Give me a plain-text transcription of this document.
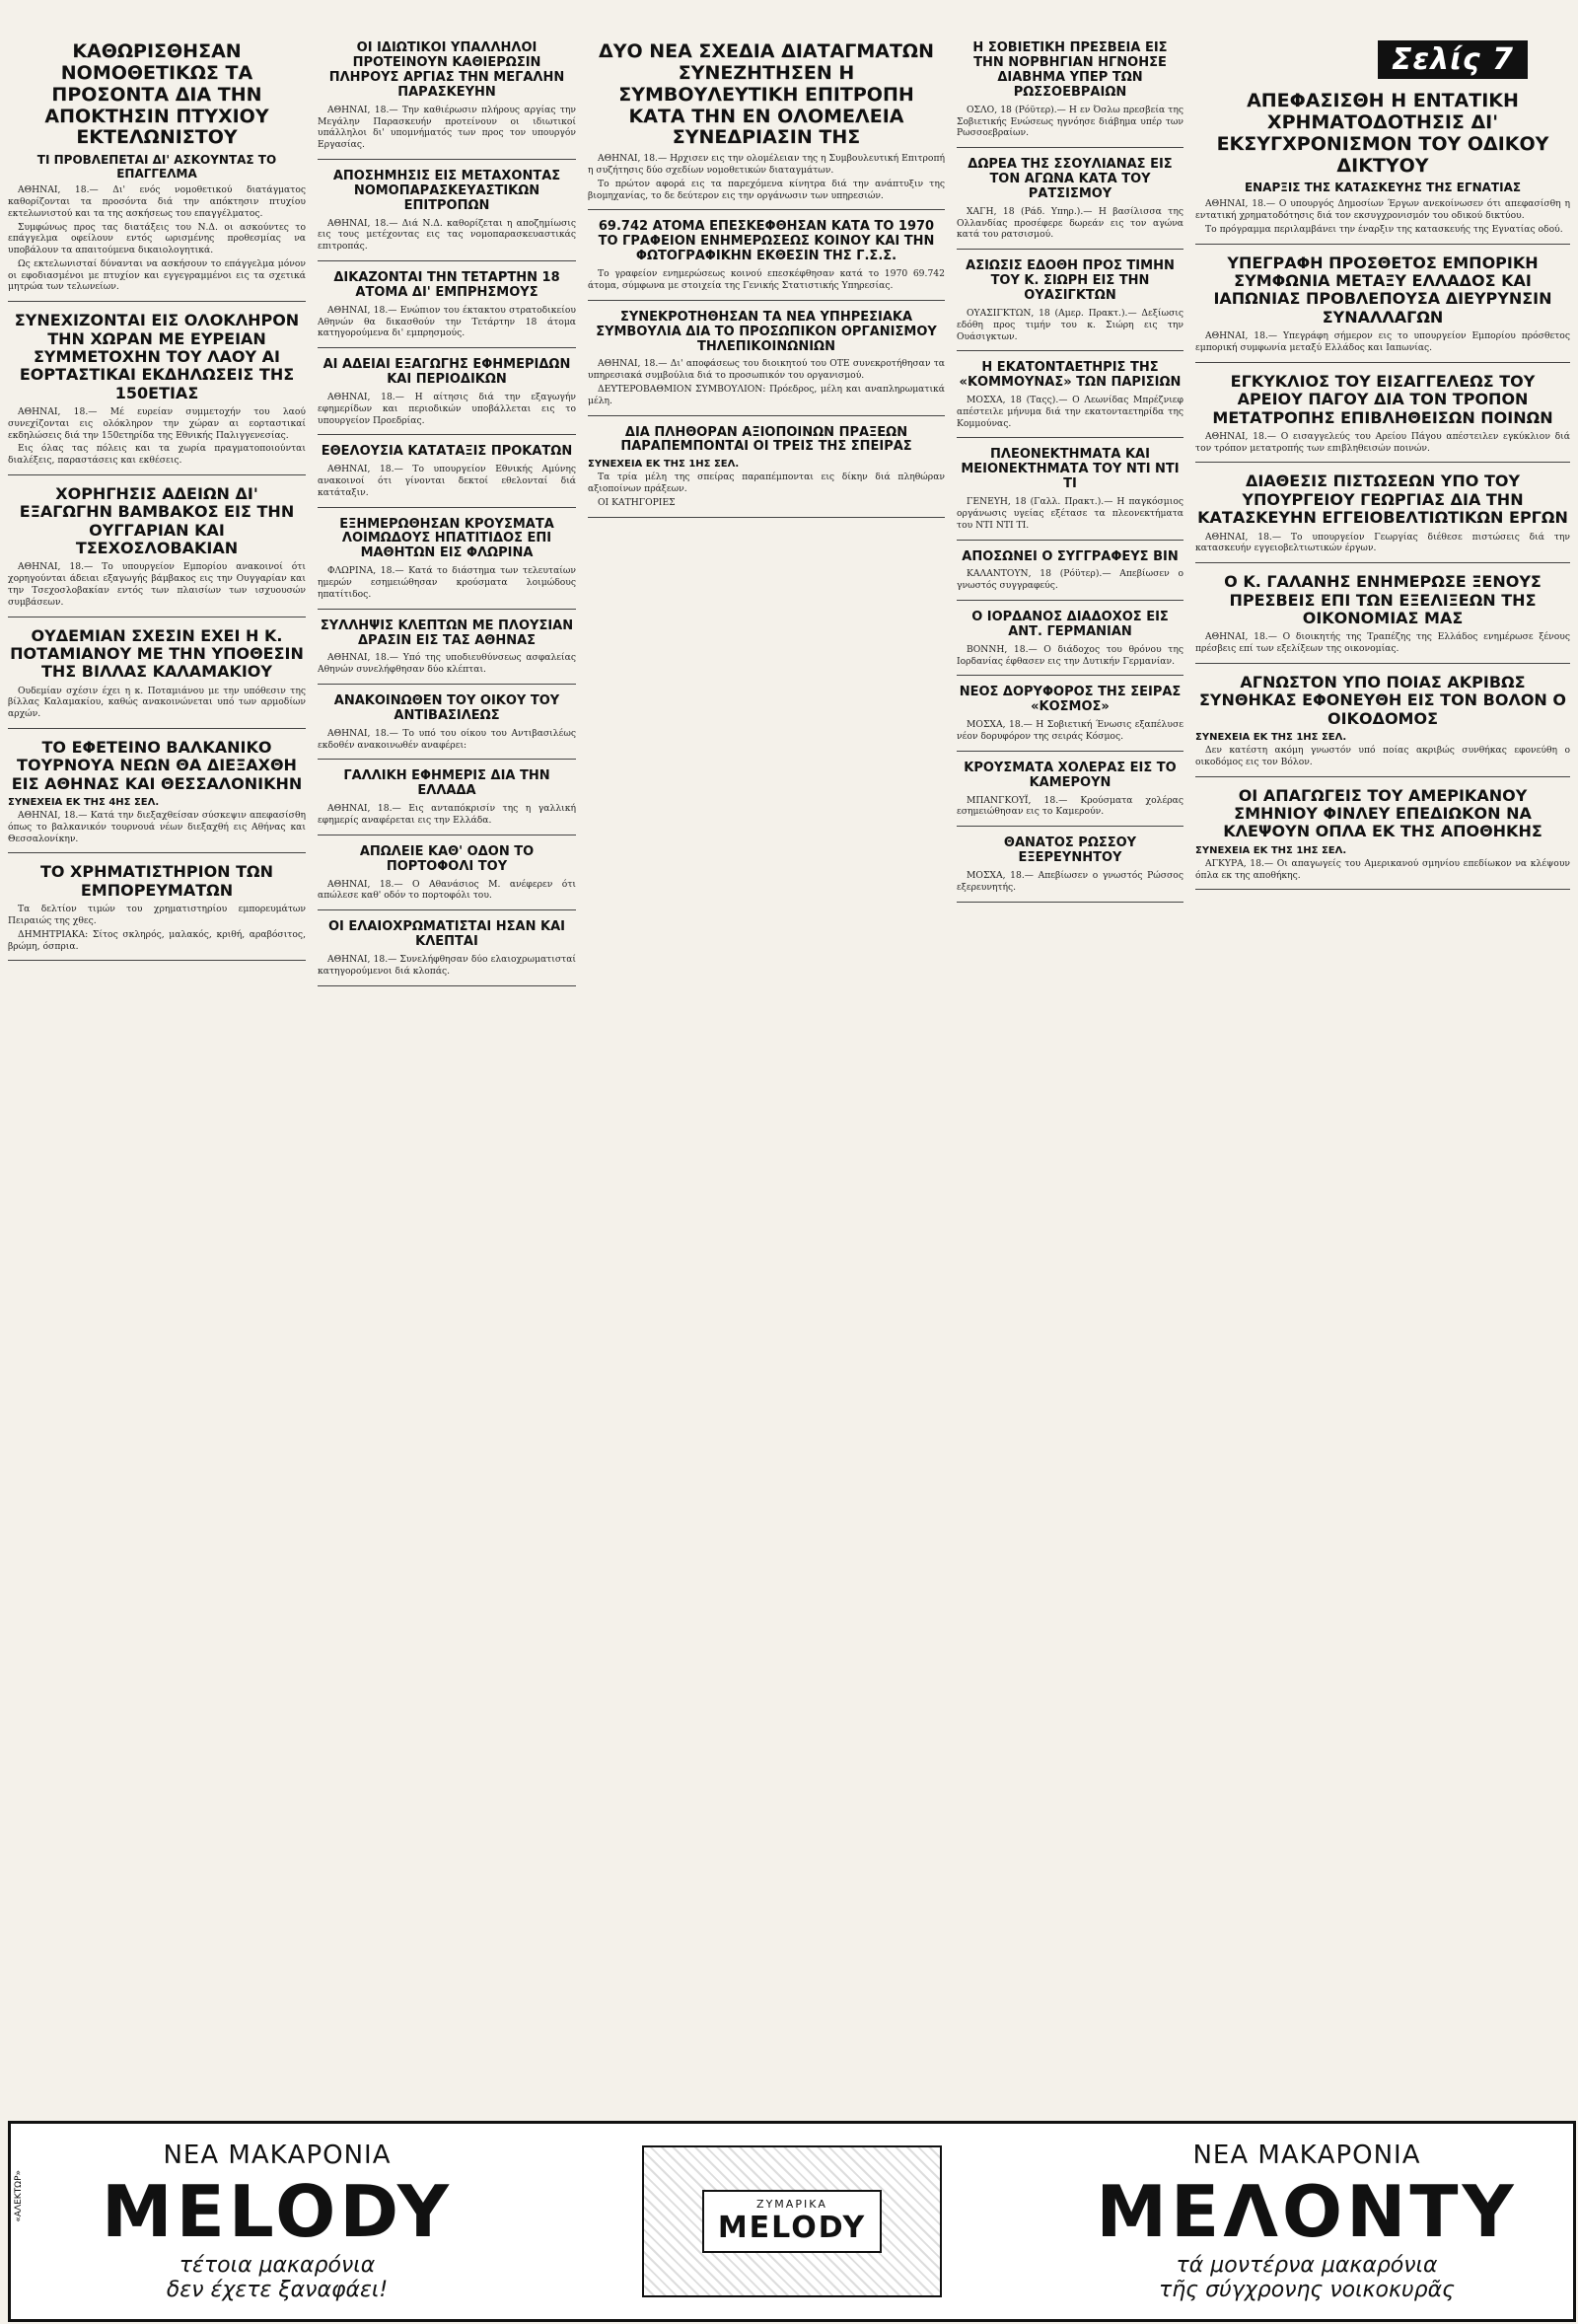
Σελίς 7
ΚΑΘΩΡΙΣΘΗΣΑΝ ΝΟΜΟΘΕΤΙΚΩΣ ΤΑ ΠΡΟΣΟΝΤΑ ΔΙΑ ΤΗΝ ΑΠΟΚΤΗΣΙΝ ΠΤΥΧΙΟΥ ΕΚΤΕΛΩΝΙΣΤΟΥ
ΤΙ ΠΡΟΒΛΕΠΕΤΑΙ ΔΙ' ΑΣΚΟΥΝΤΑΣ ΤΟ ΕΠΑΓΓΕΛΜΑ

ΑΘΗΝΑΙ, 18.— Δι' ενός νομοθετικού διατάγματος καθορίζονται τα προσόντα διά την απόκτησιν πτυχίου εκτελωνιστού και τα της ασκήσεως του επαγγέλματος.

Συμφώνως προς τας διατάξεις του Ν.Δ. οι ασκούντες το επάγγελμα οφείλουν εντός ωρισμένης προθεσμίας να υποβάλουν τα απαιτούμενα δικαιολογητικά.

Ως εκτελωνισταί δύνανται να ασκήσουν το επάγγελμα μόνον οι εφοδιασμένοι με πτυχίον και εγγεγραμμένοι εις τα σχετικά μητρώα των τελωνείων.

ΣΥΝΕΧΙΖΟΝΤΑΙ ΕΙΣ ΟΛΟΚΛΗΡΟΝ ΤΗΝ ΧΩΡΑΝ ΜΕ ΕΥΡΕΙΑΝ ΣΥΜΜΕΤΟΧΗΝ ΤΟΥ ΛΑΟΥ ΑΙ ΕΟΡΤΑΣΤΙΚΑΙ ΕΚΔΗΛΩΣΕΙΣ ΤΗΣ 150ΕΤΙΑΣ

ΑΘΗΝΑΙ, 18.— Μέ ευρείαν συμμετοχήν του λαού συνεχίζονται εις ολόκληρον την χώραν αι εορταστικαί εκδηλώσεις διά την 150ετηρίδα της Εθνικής Παλιγγενεσίας.

Εις όλας τας πόλεις και τα χωρία πραγματοποιούνται διαλέξεις, παραστάσεις και εκθέσεις.

ΧΟΡΗΓΗΣΙΣ ΑΔΕΙΩΝ ΔΙ' ΕΞΑΓΩΓΗΝ ΒΑΜΒΑΚΟΣ ΕΙΣ ΤΗΝ ΟΥΓΓΑΡΙΑΝ ΚΑΙ ΤΣΕΧΟΣΛΟΒΑΚΙΑΝ

ΑΘΗΝΑΙ, 18.— Το υπουργείον Εμπορίου ανακοινοί ότι χορηγούνται άδειαι εξαγωγής βάμβακος εις την Ουγγαρίαν και την Τσεχοσλοβακίαν εντός των πλαισίων των ισχυουσών συμβάσεων.

ΟΥΔΕΜΙΑΝ ΣΧΕΣΙΝ ΕΧΕΙ Η Κ. ΠΟΤΑΜΙΑΝΟΥ ΜΕ ΤΗΝ ΥΠΟΘΕΣΙΝ ΤΗΣ ΒΙΛΛΑΣ ΚΑΛΑΜΑΚΙΟΥ

Ουδεμίαν σχέσιν έχει η κ. Ποταμιάνου με την υπόθεσιν της βίλλας Καλαμακίου, καθώς ανακοινώνεται υπό των αρμοδίων αρχών.

ΤΟ ΕΦΕΤΕΙΝΟ ΒΑΛΚΑΝΙΚΟ ΤΟΥΡΝΟΥΑ ΝΕΩΝ ΘΑ ΔΙΕΞΑΧΘΗ ΕΙΣ ΑΘΗΝΑΣ ΚΑΙ ΘΕΣΣΑΛΟΝΙΚΗΝ
ΣΥΝΕΧΕΙΑ ΕΚ ΤΗΣ 4ΗΣ ΣΕΛ.

ΑΘΗΝΑΙ, 18.— Κατά την διεξαχθείσαν σύσκεψιν απεφασίσθη όπως το βαλκανικόν τουρνουά νέων διεξαχθή εις Αθήνας και Θεσσαλονίκην.

ΤΟ ΧΡΗΜΑΤΙΣΤΗΡΙΟΝ ΤΩΝ ΕΜΠΟΡΕΥΜΑΤΩΝ

Τα δελτίον τιμών του χρηματιστηρίου εμπορευμάτων Πειραιώς της χθες.

ΔΗΜΗΤΡΙΑΚΑ: Σίτος σκληρός, μαλακός, κριθή, αραβόσιτος, βρώμη, όσπρια.

ΟΙ ΙΔΙΩΤΙΚΟΙ ΥΠΑΛΛΗΛΟΙ ΠΡΟΤΕΙΝΟΥΝ ΚΑΘΙΕΡΩΣΙΝ ΠΛΗΡΟΥΣ ΑΡΓΙΑΣ ΤΗΝ ΜΕΓΑΛΗΝ ΠΑΡΑΣΚΕΥΗΝ

ΑΘΗΝΑΙ, 18.— Την καθιέρωσιν πλήρους αργίας την Μεγάλην Παρασκευήν προτείνουν οι ιδιωτικοί υπάλληλοι δι' υπομνήματός των προς τον υπουργόν Εργασίας.

ΑΠΟΣΗΜΗΣΙΣ ΕΙΣ ΜΕΤΑΧΟΝΤΑΣ ΝΟΜΟΠΑΡΑΣΚΕΥΑΣΤΙΚΩΝ ΕΠΙΤΡΟΠΩΝ

ΑΘΗΝΑΙ, 18.— Διά Ν.Δ. καθορίζεται η αποζημίωσις εις τους μετέχοντας εις τας νομοπαρασκευαστικάς επιτροπάς.

ΔΙΚΑΖΟΝΤΑΙ ΤΗΝ ΤΕΤΑΡΤΗΝ 18 ΑΤΟΜΑ ΔΙ' ΕΜΠΡΗΣΜΟΥΣ

ΑΘΗΝΑΙ, 18.— Ενώπιον του έκτακτου στρατοδικείου Αθηνών θα δικασθούν την Τετάρτην 18 άτομα κατηγορούμενα δι' εμπρησμούς.

ΑΙ ΑΔΕΙΑΙ ΕΞΑΓΩΓΗΣ ΕΦΗΜΕΡΙΔΩΝ ΚΑΙ ΠΕΡΙΟΔΙΚΩΝ

ΑΘΗΝΑΙ, 18.— Η αίτησις διά την εξαγωγήν εφημερίδων και περιοδικών υποβάλλεται εις το υπουργείον Προεδρίας.

ΕΘΕΛΟΥΣΙΑ ΚΑΤΑΤΑΞΙΣ ΠΡΟΚΑΤΩΝ

ΑΘΗΝΑΙ, 18.— Το υπουργείον Εθνικής Αμύνης ανακοινοί ότι γίνονται δεκτοί εθελονταί διά κατάταξιν.

ΕΞΗΜΕΡΩΘΗΣΑΝ ΚΡΟΥΣΜΑΤΑ ΛΟΙΜΩΔΟΥΣ ΗΠΑΤΙΤΙΔΟΣ ΕΠΙ ΜΑΘΗΤΩΝ ΕΙΣ ΦΛΩΡΙΝΑ

ΦΛΩΡΙΝΑ, 18.— Κατά το διάστημα των τελευταίων ημερών εσημειώθησαν κρούσματα λοιμώδους ηπατίτιδος.

ΣΥΛΛΗΨΙΣ ΚΛΕΠΤΩΝ ΜΕ ΠΛΟΥΣΙΑΝ ΔΡΑΣΙΝ ΕΙΣ ΤΑΣ ΑΘΗΝΑΣ

ΑΘΗΝΑΙ, 18.— Υπό της υποδιευθύνσεως ασφαλείας Αθηνών συνελήφθησαν δύο κλέπται.

ΑΝΑΚΟΙΝΩΘΕΝ ΤΟΥ ΟΙΚΟΥ ΤΟΥ ΑΝΤΙΒΑΣΙΛΕΩΣ

ΑΘΗΝΑΙ, 18.— Το υπό του οίκου του Αντιβασιλέως εκδοθέν ανακοινωθέν αναφέρει:

ΓΑΛΛΙΚΗ ΕΦΗΜΕΡΙΣ ΔΙΑ ΤΗΝ ΕΛΛΑΔΑ

ΑΘΗΝΑΙ, 18.— Εις ανταπόκρισίν της η γαλλική εφημερίς αναφέρεται εις την Ελλάδα.

ΑΠΩΛΕΙΕ ΚΑΘ' ΟΔΟΝ ΤΟ ΠΟΡΤΟΦΟΛΙ ΤΟΥ

ΑΘΗΝΑΙ, 18.— Ο Αθανάσιος Μ. ανέφερεν ότι απώλεσε καθ' οδόν το πορτοφόλι του.

ΟΙ ΕΛΑΙΟΧΡΩΜΑΤΙΣΤΑΙ ΗΣΑΝ ΚΑΙ ΚΛΕΠΤΑΙ

ΑΘΗΝΑΙ, 18.— Συνελήφθησαν δύο ελαιοχρωματισταί κατηγορούμενοι διά κλοπάς.

ΔΥΟ ΝΕΑ ΣΧΕΔΙΑ ΔΙΑΤΑΓΜΑΤΩΝ ΣΥΝΕΖΗΤΗΣΕΝ Η ΣΥΜΒΟΥΛΕΥΤΙΚΗ ΕΠΙΤΡΟΠΗ ΚΑΤΑ ΤΗΝ ΕΝ ΟΛΟΜΕΛΕΙΑ ΣΥΝΕΔΡΙΑΣΙΝ ΤΗΣ

ΑΘΗΝΑΙ, 18.— Ηρχισεν εις την ολομέλειαν της η Συμβουλευτική Επιτροπή η συζήτησις δύο σχεδίων νομοθετικών διαταγμάτων.

Το πρώτον αφορά εις τα παρεχόμενα κίνητρα διά την ανάπτυξιν της βιομηχανίας, το δε δεύτερον εις την οργάνωσιν των υπηρεσιών.

69.742 ΑΤΟΜΑ ΕΠΕΣΚΕΦΘΗΣΑΝ ΚΑΤΑ ΤΟ 1970 ΤΟ ΓΡΑΦΕΙΟΝ ΕΝΗΜΕΡΩΣΕΩΣ ΚΟΙΝΟΥ ΚΑΙ ΤΗΝ ΦΩΤΟΓΡΑΦΙΚΗΝ ΕΚΘΕΣΙΝ ΤΗΣ Γ.Σ.Σ.

Το γραφείον ενημερώσεως κοινού επεσκέφθησαν κατά το 1970 69.742 άτομα, σύμφωνα με στοιχεία της Γενικής Στατιστικής Υπηρεσίας.

ΣΥΝΕΚΡΟΤΗΘΗΣΑΝ ΤΑ ΝΕΑ ΥΠΗΡΕΣΙΑΚΑ ΣΥΜΒΟΥΛΙΑ ΔΙΑ ΤΟ ΠΡΟΣΩΠΙΚΟΝ ΟΡΓΑΝΙΣΜΟΥ ΤΗΛΕΠΙΚΟΙΝΩΝΙΩΝ

ΑΘΗΝΑΙ, 18.— Δι' αποφάσεως του διοικητού του ΟΤΕ συνεκροτήθησαν τα υπηρεσιακά συμβούλια διά το προσωπικόν του οργανισμού.

ΔΕΥΤΕΡΟΒΑΘΜΙΟΝ ΣΥΜΒΟΥΛΙΟΝ: Πρόεδρος, μέλη και αναπληρωματικά μέλη.

ΔΙΑ ΠΛΗΘΟΡΑΝ ΑΞΙΟΠΟΙΝΩΝ ΠΡΑΞΕΩΝ ΠΑΡΑΠΕΜΠΟΝΤΑΙ ΟΙ ΤΡΕΙΣ ΤΗΣ ΣΠΕΙΡΑΣ
ΣΥΝΕΧΕΙΑ ΕΚ ΤΗΣ 1ΗΣ ΣΕΛ.

Τα τρία μέλη της σπείρας παραπέμπονται εις δίκην διά πληθώραν αξιοποίνων πράξεων.

ΟΙ ΚΑΤΗΓΟΡΙΕΣ

Η ΣΟΒΙΕΤΙΚΗ ΠΡΕΣΒΕΙΑ ΕΙΣ ΤΗΝ ΝΟΡΒΗΓΙΑΝ ΗΓΝΟΗΣΕ ΔΙΑΒΗΜΑ ΥΠΕΡ ΤΩΝ ΡΩΣΣΟΕΒΡΑΙΩΝ

ΟΣΛΟ, 18 (Ρόϋτερ).— Η εν Όσλω πρεσβεία της Σοβιετικής Ενώσεως ηγνόησε διάβημα υπέρ των Ρωσσοεβραίων.

ΔΩΡΕΑ ΤΗΣ ΣΣΟΥΛΙΑΝΑΣ ΕΙΣ ΤΟΝ ΑΓΩΝΑ ΚΑΤΑ ΤΟΥ ΡΑΤΣΙΣΜΟΥ

ΧΑΓΗ, 18 (Ράδ. Υπηρ.).— Η βασίλισσα της Ολλανδίας προσέφερε δωρεάν εις τον αγώνα κατά του ρατσισμού.

ΑΣΙΩΣΙΣ ΕΔΟΘΗ ΠΡΟΣ ΤΙΜΗΝ ΤΟΥ Κ. ΣΙΩΡΗ ΕΙΣ ΤΗΝ ΟΥΑΣΙΓΚΤΩΝ

ΟΥΑΣΙΓΚΤΩΝ, 18 (Αμερ. Πρακτ.).— Δεξίωσις εδόθη προς τιμήν του κ. Σιώρη εις την Ουάσιγκτων.

Η ΕΚΑΤΟΝΤΑΕΤΗΡΙΣ ΤΗΣ «ΚΟΜΜΟΥΝΑΣ» ΤΩΝ ΠΑΡΙΣΙΩΝ

ΜΟΣΧΑ, 18 (Ταςς).— Ο Λεωνίδας Μπρέζνιεφ απέστειλε μήνυμα διά την εκατονταετηρίδα της Κομμούνας.

ΠΛΕΟΝΕΚΤΗΜΑΤΑ ΚΑΙ ΜΕΙΟΝΕΚΤΗΜΑΤΑ ΤΟΥ ΝΤΙ ΝΤΙ ΤΙ

ΓΕΝΕΥΗ, 18 (Γαλλ. Πρακτ.).— Η παγκόσμιος οργάνωσις υγείας εξέτασε τα πλεονεκτήματα του ΝΤΙ ΝΤΙ ΤΙ.

ΑΠΟΣΩΝΕΙ Ο ΣΥΓΓΡΑΦΕΥΣ ΒΙΝ

ΚΑΛΑΝΤΟΥΝ, 18 (Ρόϋτερ).— Απεβίωσεν ο γνωστός συγγραφεύς.

Ο ΙΟΡΔΑΝΟΣ ΔΙΑΔΟΧΟΣ ΕΙΣ ΑΝΤ. ΓΕΡΜΑΝΙΑΝ

ΒΟΝΝΗ, 18.— Ο διάδοχος του θρόνου της Ιορδανίας έφθασεν εις την Δυτικήν Γερμανίαν.

ΝΕΟΣ ΔΟΡΥΦΟΡΟΣ ΤΗΣ ΣΕΙΡΑΣ «ΚΟΣΜΟΣ»

ΜΟΣΧΑ, 18.— Η Σοβιετική Ένωσις εξαπέλυσε νέον δορυφόρον της σειράς Κόσμος.

ΚΡΟΥΣΜΑΤΑ ΧΟΛΕΡΑΣ ΕΙΣ ΤΟ ΚΑΜΕΡΟΥΝ

ΜΠΑΝΓΚΟΥΪ, 18.— Κρούσματα χολέρας εσημειώθησαν εις το Καμερούν.

ΘΑΝΑΤΟΣ ΡΩΣΣΟΥ ΕΞΕΡΕΥΝΗΤΟΥ

ΜΟΣΧΑ, 18.— Απεβίωσεν ο γνωστός Ρώσσος εξερευνητής.

ΑΠΕΦΑΣΙΣΘΗ Η ΕΝΤΑΤΙΚΗ ΧΡΗΜΑΤΟΔΟΤΗΣΙΣ ΔΙ' ΕΚΣΥΓΧΡΟΝΙΣΜΟΝ ΤΟΥ ΟΔΙΚΟΥ ΔΙΚΤΥΟΥ
ΕΝΑΡΞΙΣ ΤΗΣ ΚΑΤΑΣΚΕΥΗΣ ΤΗΣ ΕΓΝΑΤΙΑΣ

ΑΘΗΝΑΙ, 18.— Ο υπουργός Δημοσίων Έργων ανεκοίνωσεν ότι απεφασίσθη η εντατική χρηματοδότησις διά τον εκσυγχρονισμόν του οδικού δικτύου.

Το πρόγραμμα περιλαμβάνει την έναρξιν της κατασκευής της Εγνατίας οδού.

ΥΠΕΓΡΑΦΗ ΠΡΟΣΘΕΤΟΣ ΕΜΠΟΡΙΚΗ ΣΥΜΦΩΝΙΑ ΜΕΤΑΞΥ ΕΛΛΑΔΟΣ ΚΑΙ ΙΑΠΩΝΙΑΣ ΠΡΟΒΛΕΠΟΥΣΑ ΔΙΕΥΡΥΝΣΙΝ ΣΥΝΑΛΛΑΓΩΝ

ΑΘΗΝΑΙ, 18.— Υπεγράφη σήμερον εις το υπουργείον Εμπορίου πρόσθετος εμπορική συμφωνία μεταξύ Ελλάδος και Ιαπωνίας.

ΕΓΚΥΚΛΙΟΣ ΤΟΥ ΕΙΣΑΓΓΕΛΕΩΣ ΤΟΥ ΑΡΕΙΟΥ ΠΑΓΟΥ ΔΙΑ ΤΟΝ ΤΡΟΠΟΝ ΜΕΤΑΤΡΟΠΗΣ ΕΠΙΒΛΗΘΕΙΣΩΝ ΠΟΙΝΩΝ

ΑΘΗΝΑΙ, 18.— Ο εισαγγελεύς του Αρείου Πάγου απέστειλεν εγκύκλιον διά τον τρόπον μετατροπής των επιβληθεισών ποινών.

ΔΙΑΘΕΣΙΣ ΠΙΣΤΩΣΕΩΝ ΥΠΟ ΤΟΥ ΥΠΟΥΡΓΕΙΟΥ ΓΕΩΡΓΙΑΣ ΔΙΑ ΤΗΝ ΚΑΤΑΣΚΕΥΗΝ ΕΓΓΕΙΟΒΕΛΤΙΩΤΙΚΩΝ ΕΡΓΩΝ

ΑΘΗΝΑΙ, 18.— Το υπουργείον Γεωργίας διέθεσε πιστώσεις διά την κατασκευήν εγγειοβελτιωτικών έργων.

Ο Κ. ΓΑΛΑΝΗΣ ΕΝΗΜΕΡΩΣΕ ΞΕΝΟΥΣ ΠΡΕΣΒΕΙΣ ΕΠΙ ΤΩΝ ΕΞΕΛΙΞΕΩΝ ΤΗΣ ΟΙΚΟΝΟΜΙΑΣ ΜΑΣ

ΑΘΗΝΑΙ, 18.— Ο διοικητής της Τραπέζης της Ελλάδος ενημέρωσε ξένους πρέσβεις επί των εξελίξεων της οικονομίας.

ΑΓΝΩΣΤΟΝ ΥΠΟ ΠΟΙΑΣ ΑΚΡΙΒΩΣ ΣΥΝΘΗΚΑΣ ΕΦΟΝΕΥΘΗ ΕΙΣ ΤΟΝ ΒΟΛΟΝ Ο ΟΙΚΟΔΟΜΟΣ
ΣΥΝΕΧΕΙΑ ΕΚ ΤΗΣ 1ΗΣ ΣΕΛ.

Δεν κατέστη ακόμη γνωστόν υπό ποίας ακριβώς συνθήκας εφονεύθη ο οικοδόμος εις τον Βόλον.

ΟΙ ΑΠΑΓΩΓΕΙΣ ΤΟΥ ΑΜΕΡΙΚΑΝΟΥ ΣΜΗΝΙΟΥ ΦΙΝΛΕΥ ΕΠΕΔΙΩΚΟΝ ΝΑ ΚΛΕΨΟΥΝ ΟΠΛΑ ΕΚ ΤΗΣ ΑΠΟΘΗΚΗΣ
ΣΥΝΕΧΕΙΑ ΕΚ ΤΗΣ 1ΗΣ ΣΕΛ.

ΑΓΚΥΡΑ, 18.— Οι απαγωγείς του Αμερικανού σμηνίου επεδίωκον να κλέψουν όπλα εκ της αποθήκης.

ΝΕΑ ΜΑΚΑΡΟΝΙΑ
MELODY
τέτοια μακαρόνια
δεν έχετε ξαναφάει!
ΖΥΜΑΡΙΚΑ
MELODY
ΝΕΑ ΜΑΚΑΡΟΝΙΑ
ΜΕΛΟΝΤΥ
τά μοντέρνα μακαρόνια
τῆς σύγχρονης νοικοκυρᾶς
«ΑΛΕΚΤΩΡ»
